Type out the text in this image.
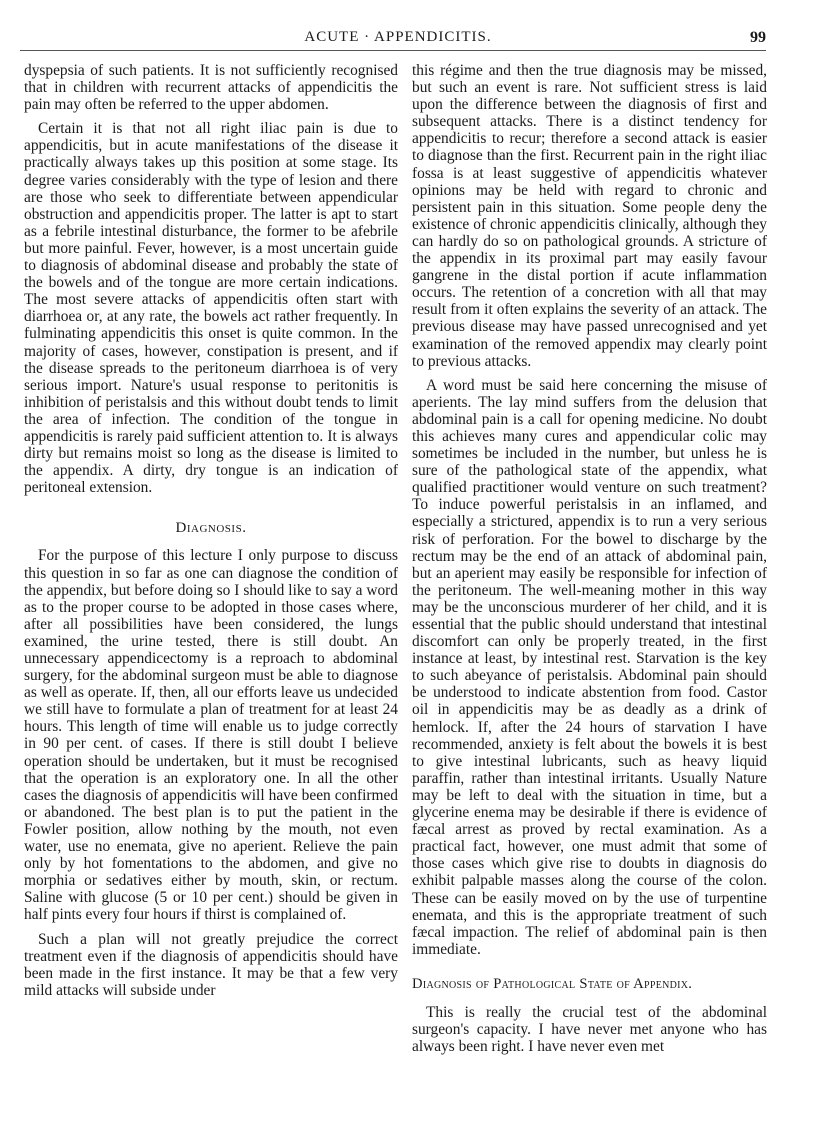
ACUTE · APPENDICITIS.	99

dyspepsia of such patients. It is not sufficiently recognised that in children with recurrent attacks of appendicitis the pain may often be referred to the upper abdomen.

Certain it is that not all right iliac pain is due to appendicitis, but in acute manifestations of the disease it practically always takes up this position at some stage. Its degree varies considerably with the type of lesion and there are those who seek to differentiate between appendicular obstruction and appendicitis proper. The latter is apt to start as a febrile intestinal disturbance, the former to be afebrile but more painful. Fever, however, is a most uncertain guide to diagnosis of abdominal disease and probably the state of the bowels and of the tongue are more certain indications. The most severe attacks of appendicitis often start with diarrhoea or, at any rate, the bowels act rather frequently. In fulminating appendicitis this onset is quite common. In the majority of cases, however, constipation is present, and if the disease spreads to the peritoneum diarrhoea is of very serious import. Nature's usual response to peritonitis is inhibition of peristalsis and this without doubt tends to limit the area of infection. The condition of the tongue in appendicitis is rarely paid sufficient attention to. It is always dirty but remains moist so long as the disease is limited to the appendix. A dirty, dry tongue is an indication of peritoneal extension.

Diagnosis.

For the purpose of this lecture I only purpose to discuss this question in so far as one can diagnose the condition of the appendix, but before doing so I should like to say a word as to the proper course to be adopted in those cases where, after all possibilities have been considered, the lungs examined, the urine tested, there is still doubt. An unnecessary appendicectomy is a reproach to abdominal surgery, for the abdominal surgeon must be able to diagnose as well as operate. If, then, all our efforts leave us undecided we still have to formulate a plan of treatment for at least 24 hours. This length of time will enable us to judge correctly in 90 per cent. of cases. If there is still doubt I believe operation should be undertaken, but it must be recognised that the operation is an exploratory one. In all the other cases the diagnosis of appendicitis will have been confirmed or abandoned. The best plan is to put the patient in the Fowler position, allow nothing by the mouth, not even water, use no enemata, give no aperient. Relieve the pain only by hot fomentations to the abdomen, and give no morphia or sedatives either by mouth, skin, or rectum. Saline with glucose (5 or 10 per cent.) should be given in half pints every four hours if thirst is complained of.

Such a plan will not greatly prejudice the correct treatment even if the diagnosis of appendicitis should have been made in the first instance. It may be that a few very mild attacks will subside under

this régime and then the true diagnosis may be missed, but such an event is rare. Not sufficient stress is laid upon the difference between the diagnosis of first and subsequent attacks. There is a distinct tendency for appendicitis to recur; therefore a second attack is easier to diagnose than the first. Recurrent pain in the right iliac fossa is at least suggestive of appendicitis whatever opinions may be held with regard to chronic and persistent pain in this situation. Some people deny the existence of chronic appendicitis clinically, although they can hardly do so on pathological grounds. A stricture of the appendix in its proximal part may easily favour gangrene in the distal portion if acute inflammation occurs. The retention of a concretion with all that may result from it often explains the severity of an attack. The previous disease may have passed unrecognised and yet examination of the removed appendix may clearly point to previous attacks.

A word must be said here concerning the misuse of aperients. The lay mind suffers from the delusion that abdominal pain is a call for opening medicine. No doubt this achieves many cures and appendicular colic may sometimes be included in the number, but unless he is sure of the pathological state of the appendix, what qualified practitioner would venture on such treatment? To induce powerful peristalsis in an inflamed, and especially a strictured, appendix is to run a very serious risk of perforation. For the bowel to discharge by the rectum may be the end of an attack of abdominal pain, but an aperient may easily be responsible for infection of the peritoneum. The well-meaning mother in this way may be the unconscious murderer of her child, and it is essential that the public should understand that intestinal discomfort can only be properly treated, in the first instance at least, by intestinal rest. Starvation is the key to such abeyance of peristalsis. Abdominal pain should be understood to indicate abstention from food. Castor oil in appendicitis may be as deadly as a drink of hemlock. If, after the 24 hours of starvation I have recommended, anxiety is felt about the bowels it is best to give intestinal lubricants, such as heavy liquid paraffin, rather than intestinal irritants. Usually Nature may be left to deal with the situation in time, but a glycerine enema may be desirable if there is evidence of fæcal arrest as proved by rectal examination. As a practical fact, however, one must admit that some of those cases which give rise to doubts in diagnosis do exhibit palpable masses along the course of the colon. These can be easily moved on by the use of turpentine enemata, and this is the appropriate treatment of such fæcal impaction. The relief of abdominal pain is then immediate.

Diagnosis of Pathological State of Appendix.

This is really the crucial test of the abdominal surgeon's capacity. I have never met anyone who has always been right. I have never even met
